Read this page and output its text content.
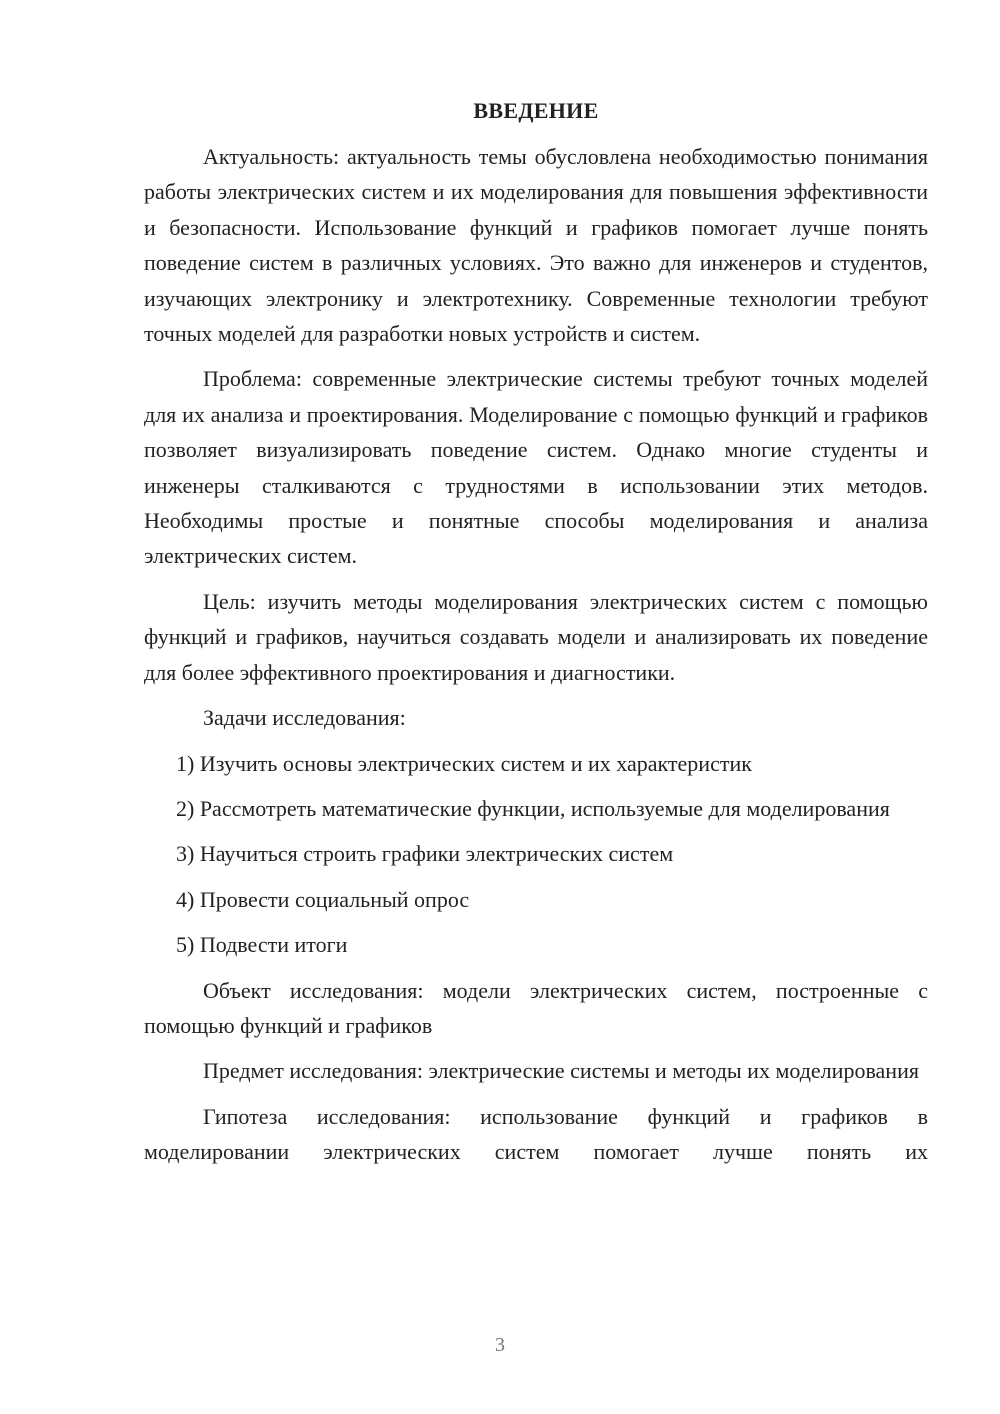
ВВЕДЕНИЕ

Актуальность: актуальность темы обусловлена необходимостью понимания работы электрических систем и их моделирования для повышения эффективности и безопасности. Использование функций и графиков помогает лучше понять поведение систем в различных условиях. Это важно для инженеров и студентов, изучающих электронику и электротехнику. Современные технологии требуют точных моделей для разработки новых устройств и систем.

Проблема: современные электрические системы требуют точных моделей для их анализа и проектирования. Моделирование с помощью функций и графиков позволяет визуализировать поведение систем. Однако многие студенты и инженеры сталкиваются с трудностями в использовании этих методов. Необходимы простые и понятные способы моделирования и анализа электрических систем.

Цель: изучить методы моделирования электрических систем с помощью функций и графиков, научиться создавать модели и анализировать их поведение для более эффективного проектирования и диагностики.

Задачи исследования:

1) Изучить основы электрических систем и их характеристик

2) Рассмотреть математические функции, используемые для моделирования

3) Научиться строить графики электрических систем

4) Провести социальный опрос

5) Подвести итоги

Объект исследования: модели электрических систем, построенные с помощью функций и графиков

Предмет исследования: электрические системы и методы их моделирования

Гипотеза исследования: использование функций и графиков в моделировании электрических систем помогает лучше понять их

3
